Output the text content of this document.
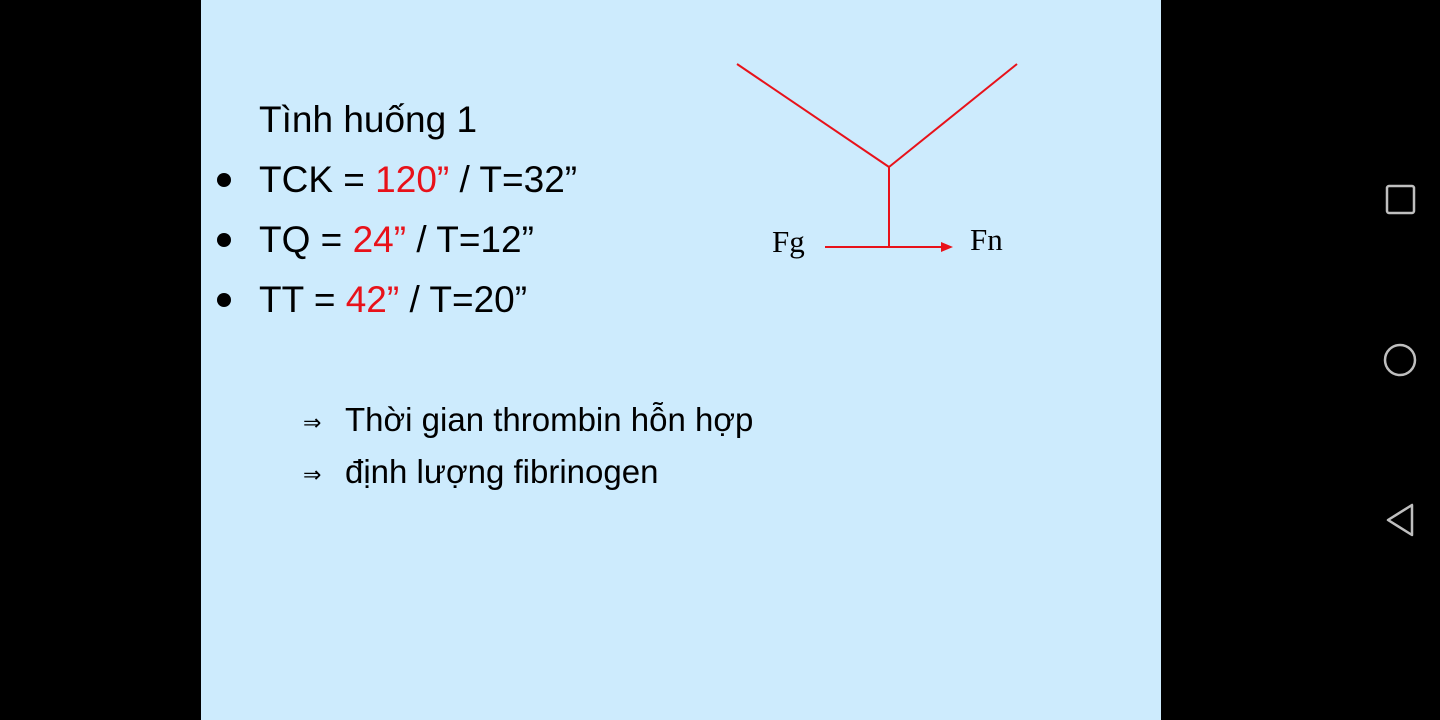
Tình huống 1
TCK = 120” / T=32”
TQ = 24” / T=12”
TT = 42” / T=20”
⇒ Thời gian thrombin hỗn hợp
⇒ định lượng fibrinogen
Fg	Fn
